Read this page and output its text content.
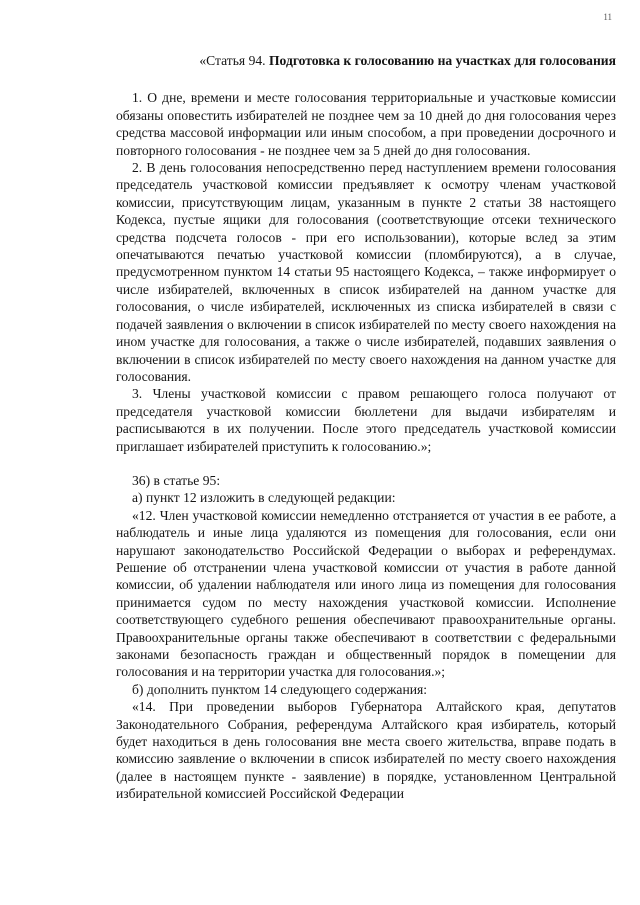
11
«Статья 94. Подготовка к голосованию на участках для голосования

1. О дне, времени и месте голосования территориальные и участковые комиссии обязаны оповестить избирателей не позднее чем за 10 дней до дня голосования через средства массовой информации или иным способом, а при проведении досрочного и повторного голосования - не позднее чем за 5 дней до дня голосования.

2. В день голосования непосредственно перед наступлением времени голосования председатель участковой комиссии предъявляет к осмотру членам участковой комиссии, присутствующим лицам, указанным в пункте 2 статьи 38 настоящего Кодекса, пустые ящики для голосования (соответствующие отсеки технического средства подсчета голосов - при его использовании), которые вслед за этим опечатываются печатью участковой комиссии (пломбируются), а в случае, предусмотренном пунктом 14 статьи 95 настоящего Кодекса, – также информирует о числе избирателей, включенных в список избирателей на данном участке для голосования, о числе избирателей, исключенных из списка избирателей в связи с подачей заявления о включении в список избирателей по месту своего нахождения на ином участке для голосования, а также о числе избирателей, подавших заявления о включении в список избирателей по месту своего нахождения на данном участке для голосования.

3. Члены участковой комиссии с правом решающего голоса получают от председателя участковой комиссии бюллетени для выдачи избирателям и расписываются в их получении. После этого председатель участковой комиссии приглашает избирателей приступить к голосованию.»;

36) в статье 95:

а) пункт 12 изложить в следующей редакции:

«12. Член участковой комиссии немедленно отстраняется от участия в ее работе, а наблюдатель и иные лица удаляются из помещения для голосования, если они нарушают законодательство Российской Федерации о выборах и референдумах. Решение об отстранении члена участковой комиссии от участия в работе данной комиссии, об удалении наблюдателя или иного лица из помещения для голосования принимается судом по месту нахождения участковой комиссии. Исполнение соответствующего судебного решения обеспечивают правоохранительные органы. Правоохранительные органы также обеспечивают в соответствии с федеральными законами безопасность граждан и общественный порядок в помещении для голосования и на территории участка для голосования.»;

б) дополнить пунктом 14 следующего содержания:

«14. При проведении выборов Губернатора Алтайского края, депутатов Законодательного Собрания, референдума Алтайского края избиратель, который будет находиться в день голосования вне места своего жительства, вправе подать в комиссию заявление о включении в список избирателей по месту своего нахождения (далее в настоящем пункте - заявление) в порядке, установленном Центральной избирательной комиссией Российской Федерации
